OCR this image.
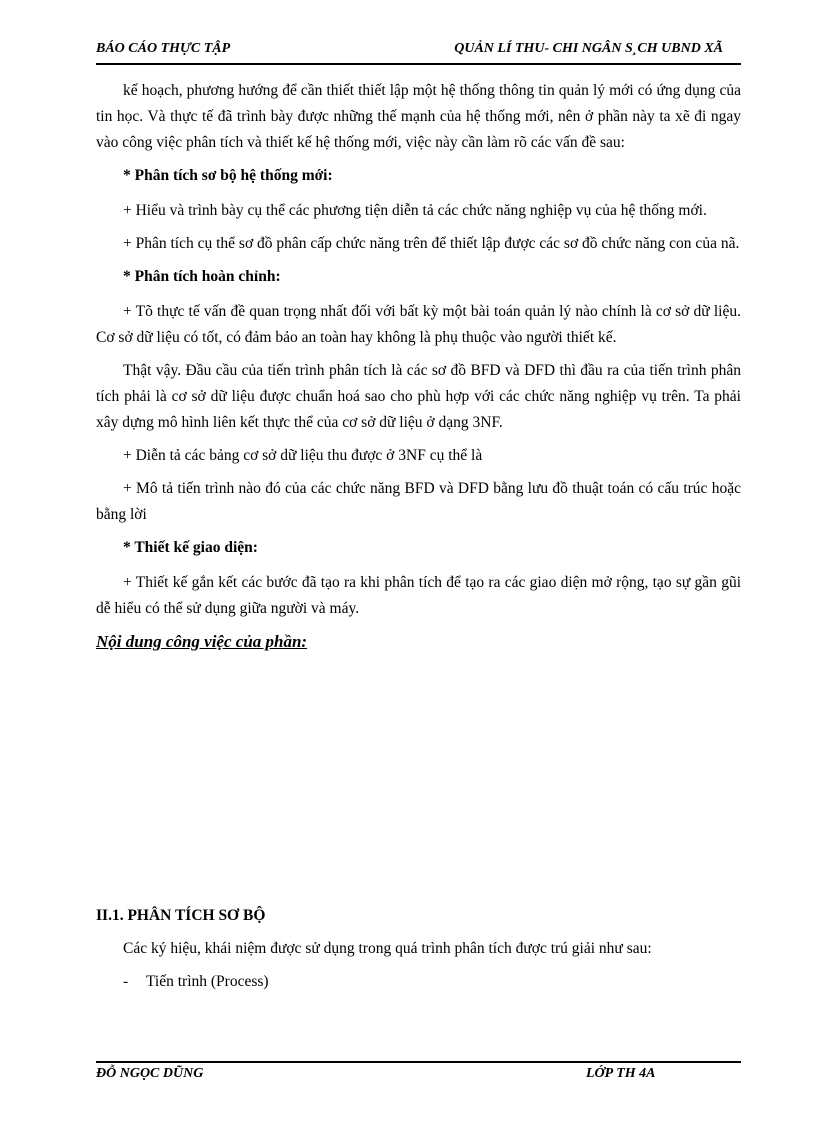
BÁO CÁO THỰC TẬP	QUẢN LÍ THU- CHI NGÂN S¸CH UBND XÃ

kế hoạch, phương hướng để cần thiết thiết lập một hệ thống thông tin quản lý mới có ứng dụng của tin học. Và thực tế đã trình bày được những thế mạnh của hệ thống mới, nên ở phần này ta xẽ đi ngay vào công việc phân tích và thiết kế hệ thống mới, việc này cần làm rõ các vấn đề sau:

* Phân tích sơ bộ hệ thống mới:

+ Hiểu và trình bày cụ thể các phương tiện diễn tả các chức năng nghiệp vụ của hệ thống mới.

+ Phân tích cụ thể sơ đồ phân cấp chức năng trên để thiết lập được các sơ đồ chức năng con của nã.

* Phân tích hoàn chỉnh:

+ Tõ thực tế vấn đề quan trọng nhất đối với bất kỳ một bài toán quản lý nào chính là cơ sở dữ liệu. Cơ sở dữ liệu có tốt, có đảm bảo an toàn hay không là phụ thuộc vào người thiết kế.

Thật vậy. Đầu cầu của tiến trình phân tích là các sơ đồ BFD và DFD thì đầu ra của tiến trình phân tích phải là cơ sở dữ liệu được chuẩn hoá sao cho phù hợp với các chức năng nghiệp vụ trên. Ta phải xây dựng mô hình liên kết thực thể của cơ sở dữ liệu ở dạng 3NF.

+ Diễn tả các bảng cơ sở dữ liệu thu được ở 3NF cụ thể là

+ Mô tả tiến trình nào đó của các chức năng BFD và DFD bằng lưu đồ thuật toán có cấu trúc hoặc bằng lời

* Thiết kế giao diện:

+ Thiết kế gắn kết các bước đã tạo ra khi phân tích để tạo ra các giao diện mở rộng, tạo sự gần gũi dễ hiểu có thể sử dụng giữa người và máy.

Nội dung công việc của phần:

II.1. PHÂN TÍCH SƠ BỘ

Các ký hiệu, khái niệm được sử dụng trong quá trình phân tích được trú giải như sau:

- Tiến trình (Process)
ĐỖ NGỌC DŨNG	LỚP TH 4A
